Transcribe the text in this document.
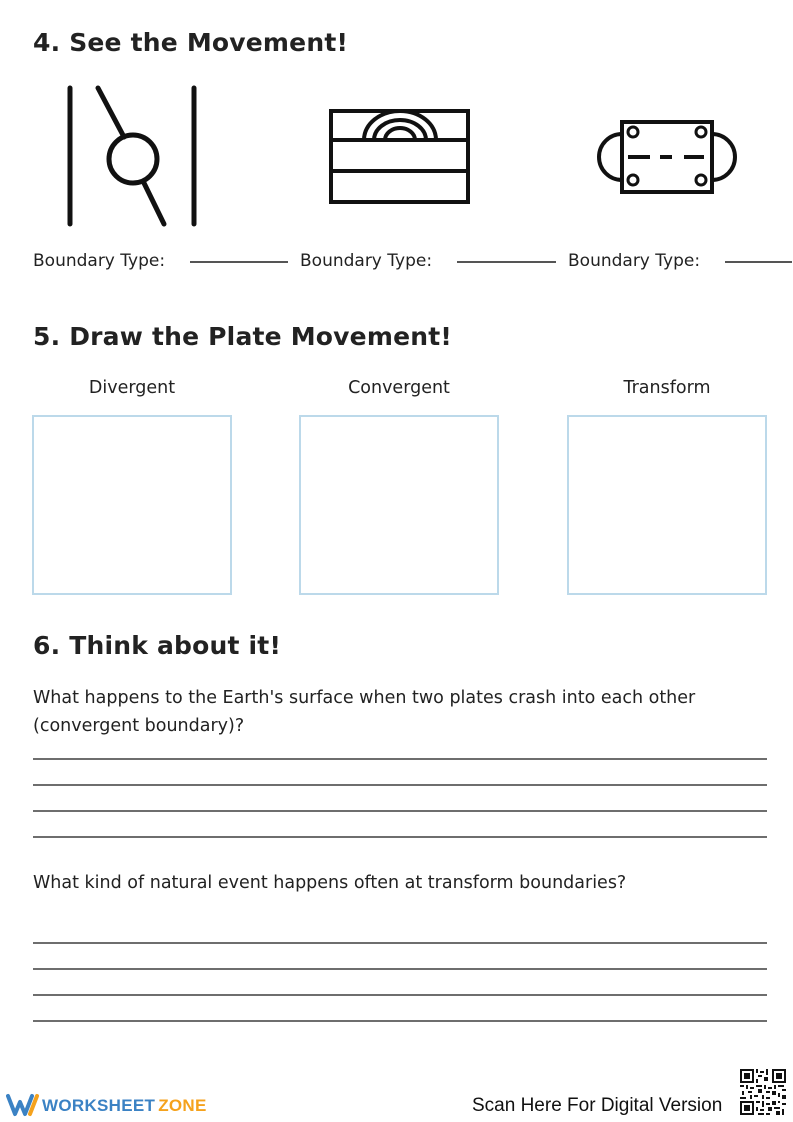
4. See the Movement!
Boundary Type:	Boundary Type:	Boundary Type:
5. Draw the Plate Movement!
Divergent	Convergent	Transform
6. Think about it!
What happens to the Earth's surface when two plates crash into each other (convergent boundary)?
What kind of natural event happens often at transform boundaries?
WORKSHEET ZONE	Scan Here For Digital Version
